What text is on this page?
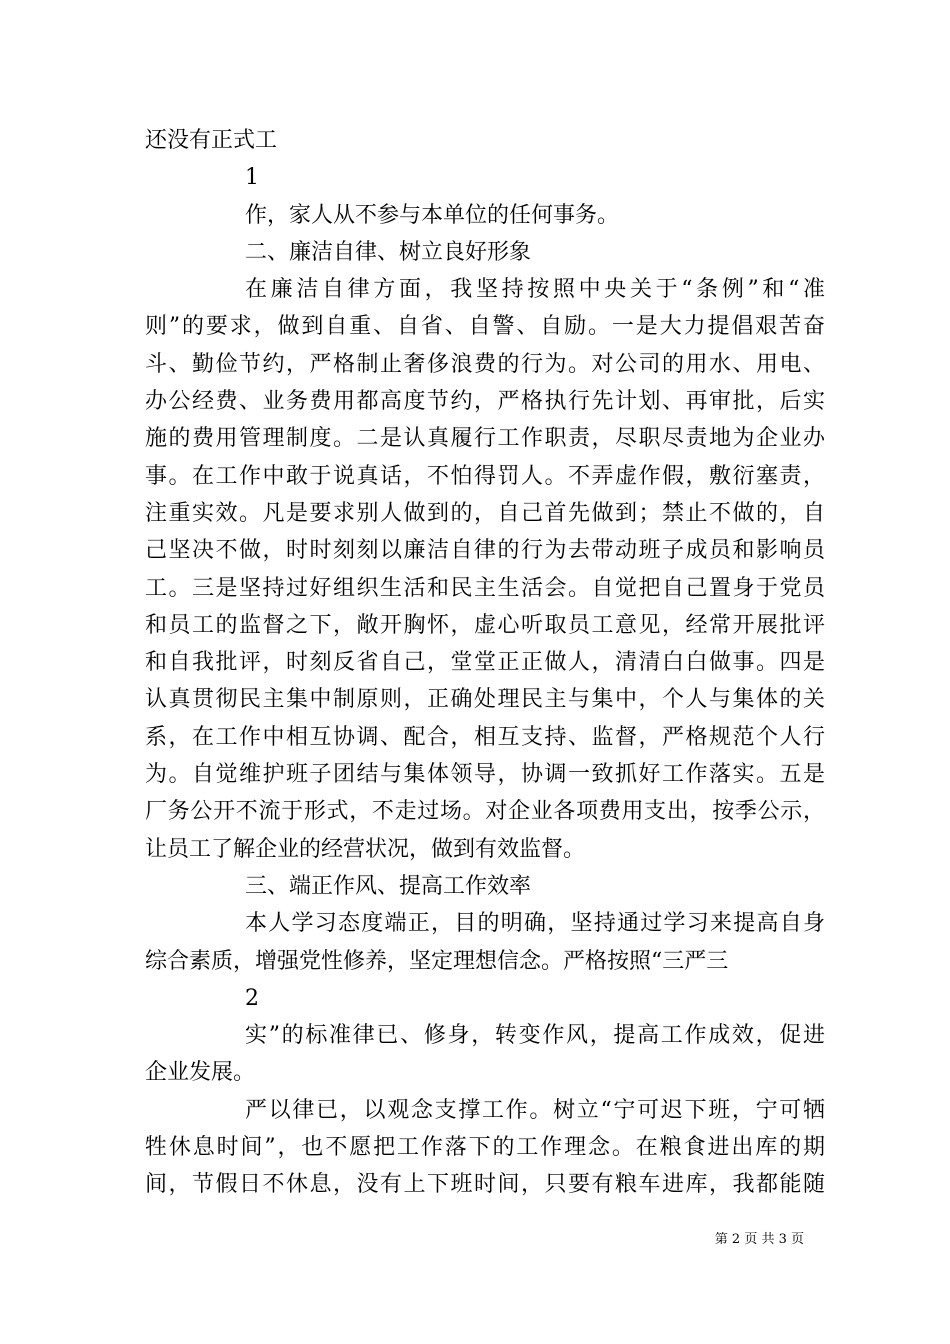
还没有正式工
1
作，家人从不参与本单位的任何事务。
二、廉洁自律、树立良好形象
在廉洁自律方面，我坚持按照中央关于“条例”和“准
则”的要求，做到自重、自省、自警、自励。一是大力提倡艰苦奋
斗、勤俭节约，严格制止奢侈浪费的行为。对公司的用水、用电、
办公经费、业务费用都高度节约，严格执行先计划、再审批，后实
施的费用管理制度。二是认真履行工作职责，尽职尽责地为企业办
事。在工作中敢于说真话，不怕得罚人。不弄虚作假，敷衍塞责，
注重实效。凡是要求别人做到的，自己首先做到；禁止不做的，自
己坚决不做，时时刻刻以廉洁自律的行为去带动班子成员和影响员
工。三是坚持过好组织生活和民主生活会。自觉把自己置身于党员
和员工的监督之下，敞开胸怀，虚心听取员工意见，经常开展批评
和自我批评，时刻反省自己，堂堂正正做人，清清白白做事。四是
认真贯彻民主集中制原则，正确处理民主与集中，个人与集体的关
系，在工作中相互协调、配合，相互支持、监督，严格规范个人行
为。自觉维护班子团结与集体领导，协调一致抓好工作落实。五是
厂务公开不流于形式，不走过场。对企业各项费用支出，按季公示，
让员工了解企业的经营状况，做到有效监督。
三、端正作风、提高工作效率
本人学习态度端正，目的明确，坚持通过学习来提高自身
综合素质，增强党性修养，坚定理想信念。严格按照“三严三
2
实”的标准律已、修身，转变作风，提高工作成效，促进
企业发展。
严以律已，以观念支撑工作。树立“宁可迟下班，宁可牺
牲休息时间”，也不愿把工作落下的工作理念。在粮食进出库的期
间，节假日不休息，没有上下班时间，只要有粮车进库，我都能随
第 2 页 共 3 页
